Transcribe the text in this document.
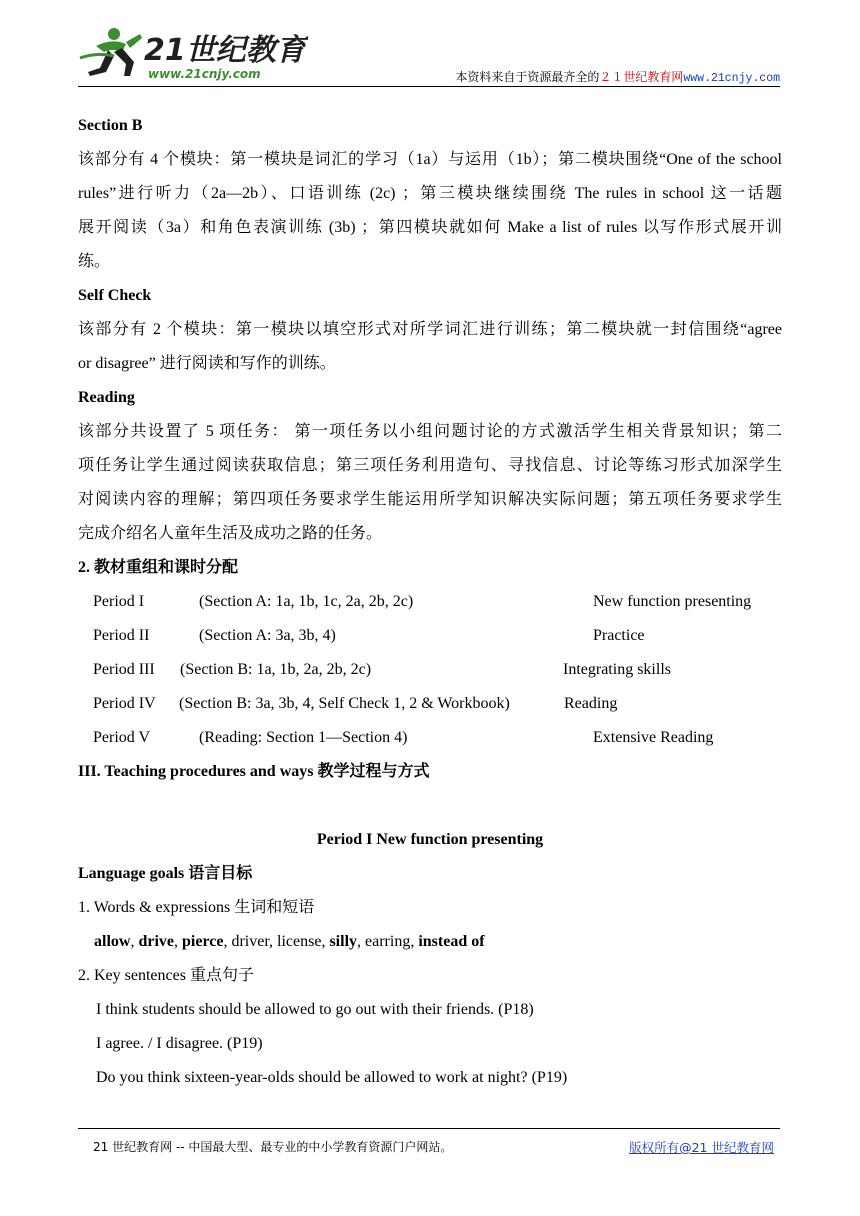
21世纪教育
www.21cnjy.com	本资料来自于资源最齐全的２１世纪教育网www.21cnjy.com

Section B

该部分有 4 个模块：第一模块是词汇的学习（1a）与运用（1b）；第二模块围绕“One of the school

rules”进行听力（2a—2b）、口语训练 (2c) ；第三模块继续围绕 The rules in school 这一话题

展开阅读（3a）和角色表演训练 (3b) ；第四模块就如何 Make a list of rules 以写作形式展开训

练。

Self Check

该部分有 2 个模块：第一模块以填空形式对所学词汇进行训练；第二模块就一封信围绕“agree

or disagree” 进行阅读和写作的训练。

Reading

该部分共设置了 5 项任务： 第一项任务以小组问题讨论的方式激活学生相关背景知识；第二

项任务让学生通过阅读获取信息；第三项任务利用造句、寻找信息、讨论等练习形式加深学生

对阅读内容的理解；第四项任务要求学生能运用所学知识解决实际问题；第五项任务要求学生

完成介绍名人童年生活及成功之路的任务。

2. 教材重组和课时分配

Period I	(Section A: 1a, 1b, 1c, 2a, 2b, 2c)	New function presenting
Period II	(Section A: 3a, 3b, 4)	Practice
Period III (Section B: 1a, 1b, 2a, 2b, 2c)	Integrating skills
Period IV (Section B: 3a, 3b, 4, Self Check 1, 2 & Workbook)	Reading
Period V	(Reading: Section 1—Section 4)	Extensive Reading

III. Teaching procedures and ways 教学过程与方式

Period I New function presenting

Language goals 语言目标

1. Words & expressions 生词和短语

allow, drive, pierce, driver, license, silly, earring, instead of

2. Key sentences 重点句子

I think students should be allowed to go out with their friends. (P18)

I agree. / I disagree. (P19)

Do you think sixteen-year-olds should be allowed to work at night? (P19)

21 世纪教育网 -- 中国最大型、最专业的中小学教育资源门户网站。	版权所有@21 世纪教育网
